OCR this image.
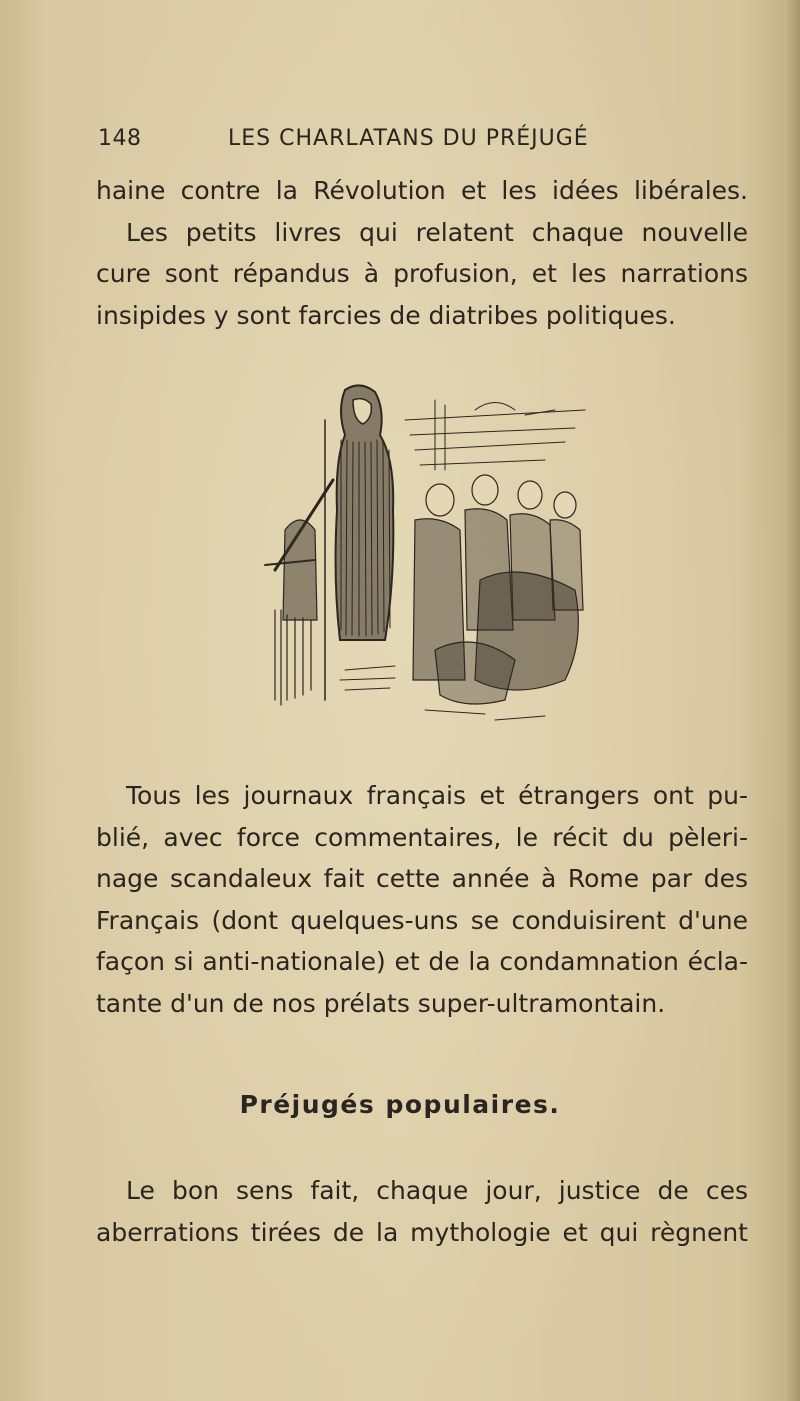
148	LES CHARLATANS DU PRÉJUGÉ
haine contre la Révolution et les idées libérales.
Les petits livres qui relatent chaque nouvelle
cure sont répandus à profusion, et les narrations
insipides y sont farcies de diatribes politiques.
Tous les journaux français et étrangers ont pu-
blié, avec force commentaires, le récit du pèleri-
nage scandaleux fait cette année à Rome par des
Français (dont quelques-uns se conduisirent d'une
façon si anti-nationale) et de la condamnation écla-
tante d'un de nos prélats super-ultramontain.
Préjugés populaires.
Le bon sens fait, chaque jour, justice de ces
aberrations tirées de la mythologie et qui règnent
